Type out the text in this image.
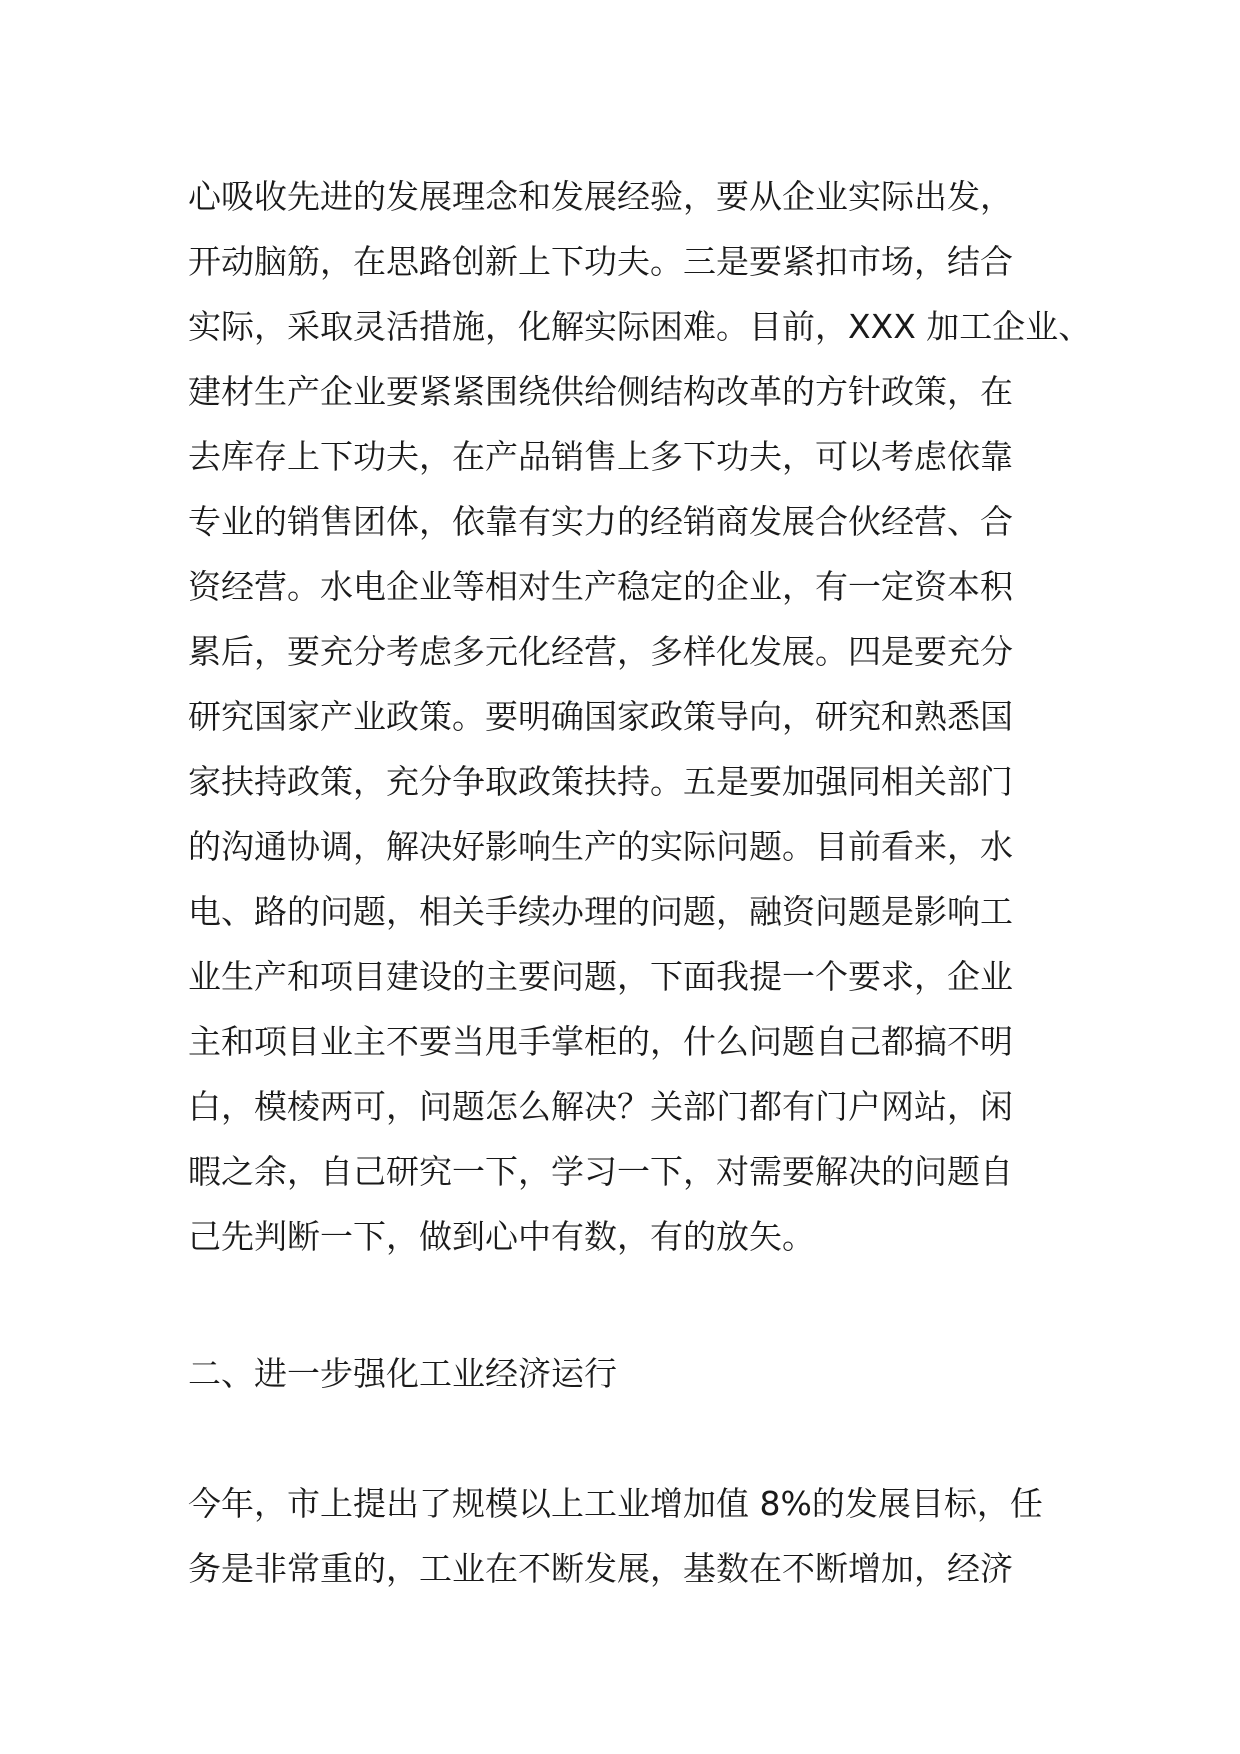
心吸收先进的发展理念和发展经验，要从企业实际出发，
开动脑筋，在思路创新上下功夫。三是要紧扣市场，结合
实际，采取灵活措施，化解实际困难。目前，XXX 加工企业、
建材生产企业要紧紧围绕供给侧结构改革的方针政策，在
去库存上下功夫，在产品销售上多下功夫，可以考虑依靠
专业的销售团体，依靠有实力的经销商发展合伙经营、合
资经营。水电企业等相对生产稳定的企业，有一定资本积
累后，要充分考虑多元化经营，多样化发展。四是要充分
研究国家产业政策。要明确国家政策导向，研究和熟悉国
家扶持政策，充分争取政策扶持。五是要加强同相关部门
的沟通协调，解决好影响生产的实际问题。目前看来，水
电、路的问题，相关手续办理的问题，融资问题是影响工
业生产和项目建设的主要问题，下面我提一个要求，企业
主和项目业主不要当甩手掌柜的，什么问题自己都搞不明
白，模棱两可，问题怎么解决？关部门都有门户网站，闲
暇之余，自己研究一下，学习一下，对需要解决的问题自
己先判断一下，做到心中有数，有的放矢。
二、进一步强化工业经济运行
今年，市上提出了规模以上工业增加值 8%的发展目标，任
务是非常重的，工业在不断发展，基数在不断增加，经济
